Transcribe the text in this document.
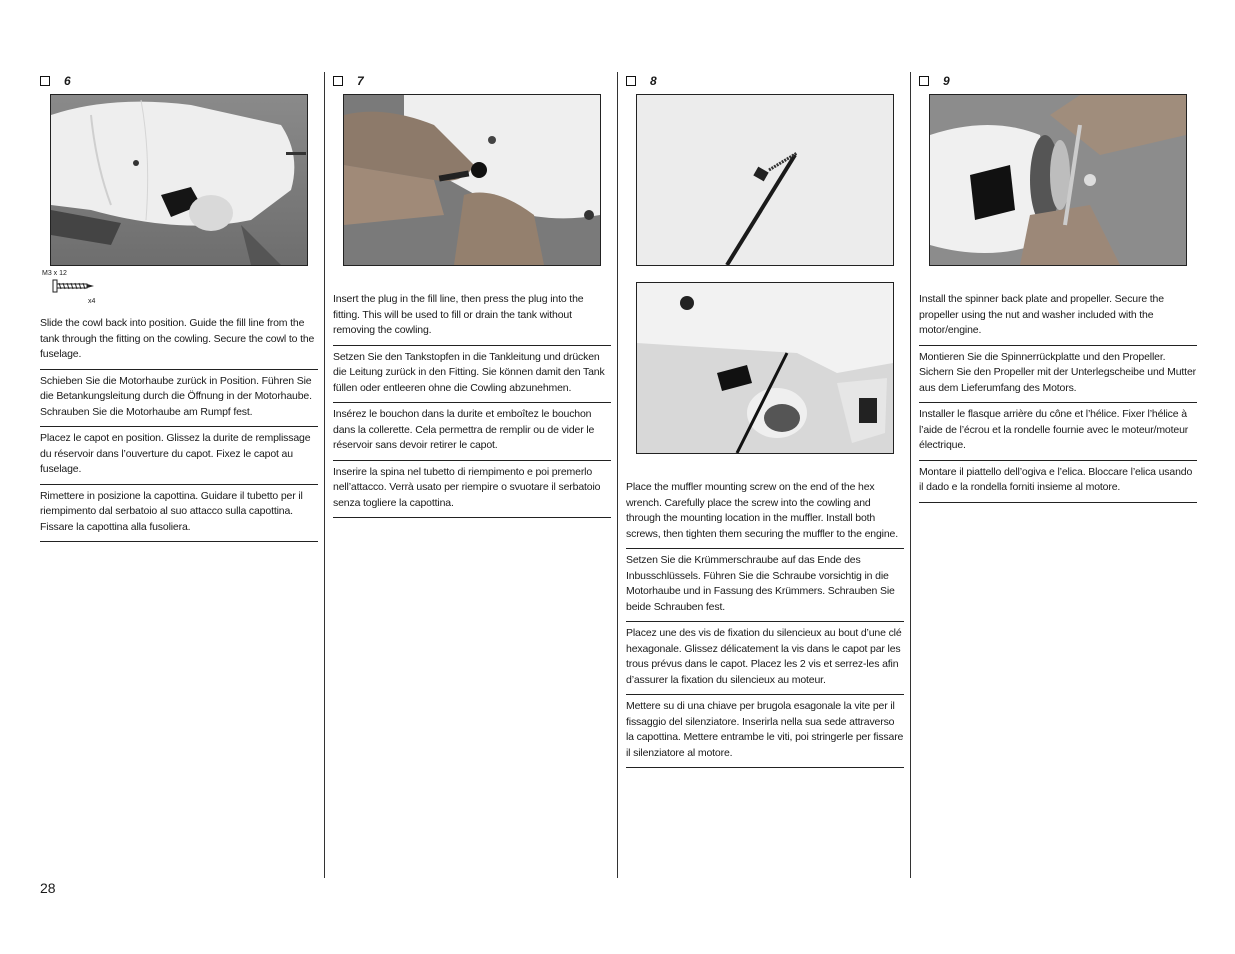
6
M3 x 12
x4
Slide the cowl back into position. Guide the fill line from the tank through the fitting on the cowling. Secure the cowl to the fuselage.
Schieben Sie die Motorhaube zurück in Position. Führen Sie die Betankungsleitung durch die Öffnung in der Motorhaube. Schrauben Sie die Motorhaube am Rumpf fest.
Placez le capot en position. Glissez la durite de remplissage du réservoir dans l’ouverture du capot. Fixez le capot au fuselage.
Rimettere in posizione la capottina. Guidare il tubetto per il riempimento dal serbatoio al suo attacco sulla capottina. Fissare la capottina alla fusoliera.
7
Insert the plug in the fill line, then press the plug into the fitting. This will be used to fill or drain the tank without removing the cowling.
Setzen Sie den Tankstopfen in die Tankleitung und drücken die Leitung zurück in den Fitting. Sie können damit den Tank füllen oder entleeren ohne die Cowling abzunehmen.
Insérez le bouchon dans la durite et emboîtez le bouchon dans la collerette. Cela permettra de remplir ou de vider le réservoir sans devoir retirer le capot.
Inserire la spina nel tubetto di riempimento e poi premerlo nell’attacco. Verrà usato per riempire o svuotare il serbatoio senza togliere la capottina.
8
Place the muffler mounting screw on the end of the hex wrench. Carefully place the screw into the cowling and through the mounting location in the muffler. Install both screws, then tighten them securing the muffler to the engine.
Setzen Sie die Krümmerschraube auf das Ende des Inbusschlüssels. Führen Sie die Schraube vorsichtig in die Motorhaube und in Fassung des Krümmers. Schrauben Sie beide Schrauben fest.
Placez une des vis de fixation du silencieux au bout d’une clé hexagonale. Glissez délicatement la vis dans le capot par les trous prévus dans le capot. Placez les 2 vis et serrez-les afin d’assurer la fixation du silencieux au moteur.
Mettere su di una chiave per brugola esagonale la vite per il fissaggio del silenziatore. Inserirla nella sua sede attraverso la capottina. Mettere entrambe le viti, poi stringerle per fissare il silenziatore al motore.
9
Install the spinner back plate and propeller. Secure the propeller using the nut and washer included with the motor/engine.
Montieren Sie die Spinnerrückplatte und den Propeller. Sichern Sie den Propeller mit der Unterlegscheibe und Mutter aus dem Lieferumfang des Motors.
Installer le flasque arrière du cône et l’hélice. Fixer l’hélice à l’aide de l’écrou et la rondelle fournie avec le moteur/moteur électrique.
Montare il piattello dell’ogiva e l’elica. Bloccare l’elica usando il dado e la rondella forniti insieme al motore.
28
